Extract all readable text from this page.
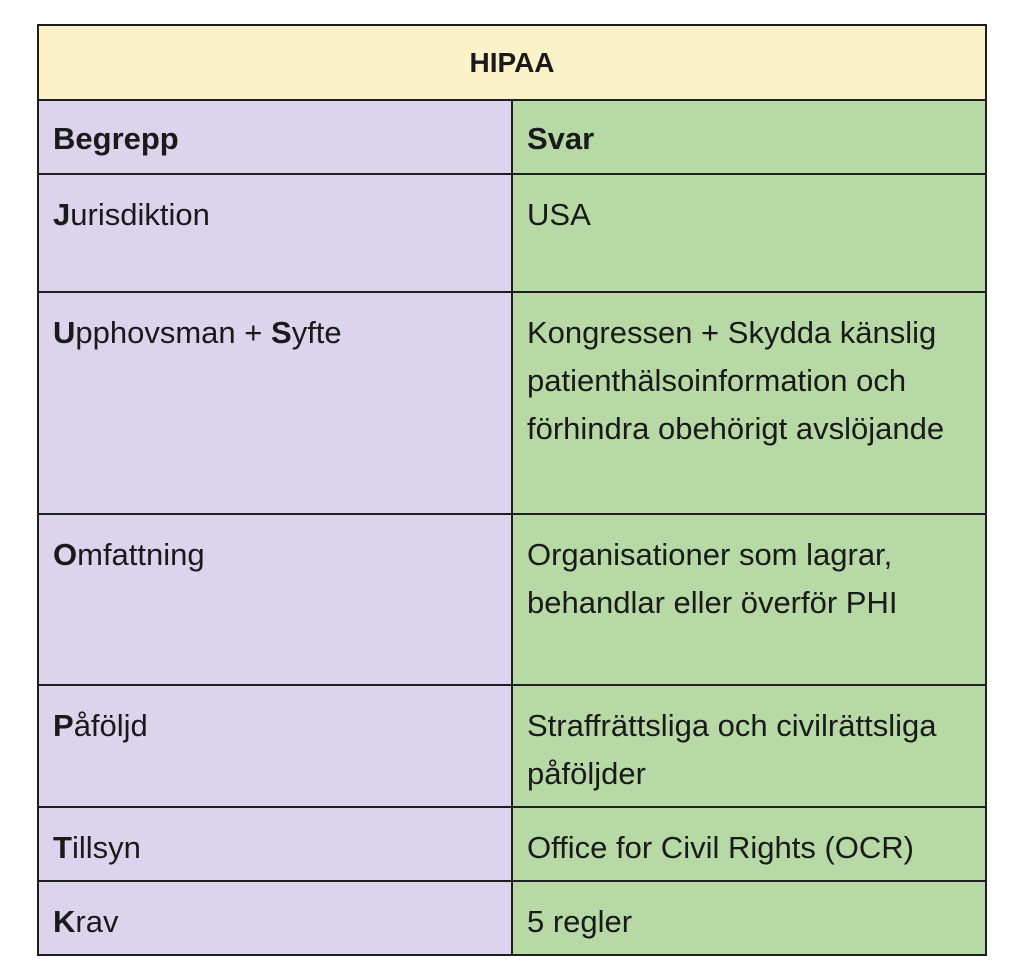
HIPAA	

Begrepp	Svar

Jurisdiktion	USA

Upphovsman + Syfte	Kongressen + Skydda känslig patienthälsoinformation och förhindra obehörigt avslöjande

Omfattning	Organisationer som lagrar, behandlar eller överför PHI

Påföljd	Straffrättsliga och civilrättsliga påföljder

Tillsyn	Office for Civil Rights (OCR)

Krav	5 regler
